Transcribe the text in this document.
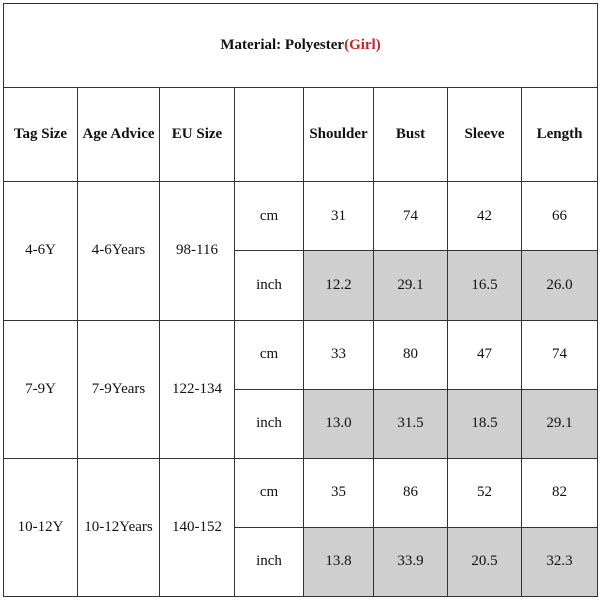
Material: Polyester(Girl)							
Tag Size	Age Advice	EU Size		Shoulder	Bust	Sleeve	Length
4-6Y	4-6Years	98-116	cm	31	74	42	66
			inch	12.2	29.1	16.5	26.0
7-9Y	7-9Years	122-134	cm	33	80	47	74
			inch	13.0	31.5	18.5	29.1
10-12Y	10-12Years	140-152	cm	35	86	52	82
			inch	13.8	33.9	20.5	32.3
